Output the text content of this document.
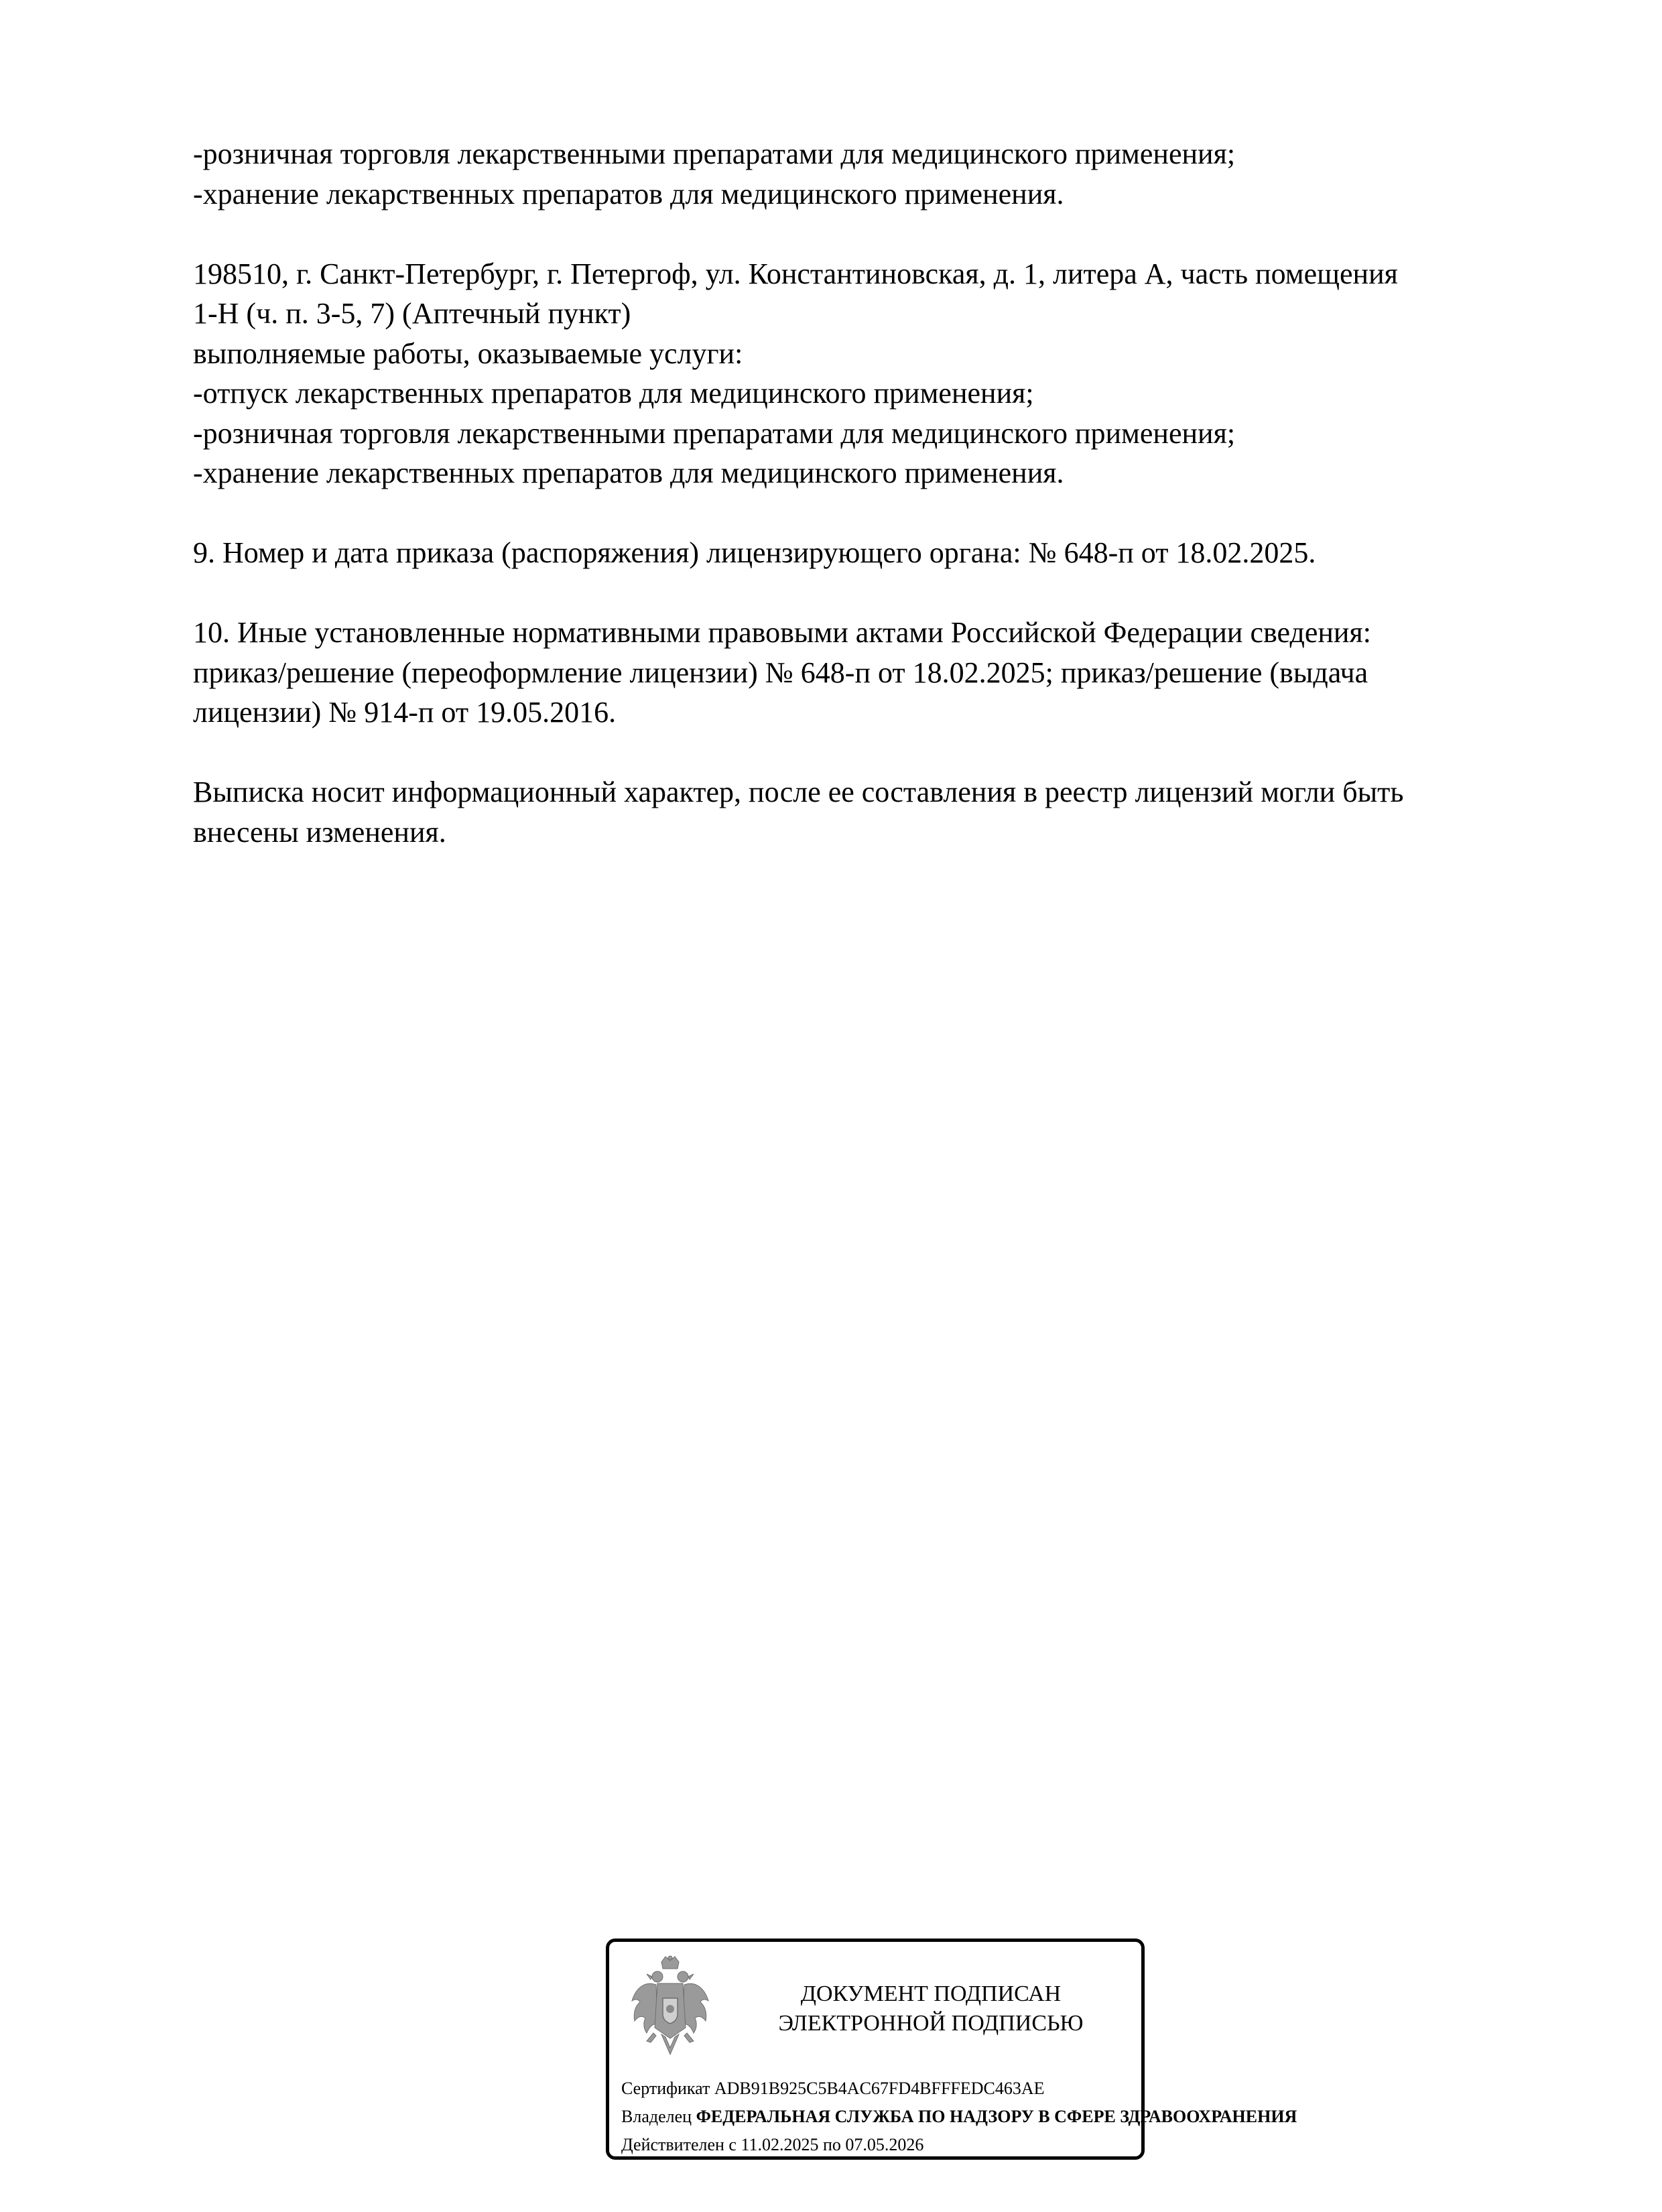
-розничная торговля лекарственными препаратами для медицинского применения;
-хранение лекарственных препаратов для медицинского применения.

198510, г. Санкт-Петербург, г. Петергоф, ул. Константиновская, д. 1, литера А, часть помещения
1-Н (ч. п. 3-5, 7) (Аптечный пункт)
выполняемые работы, оказываемые услуги:
-отпуск лекарственных препаратов для медицинского применения;
-розничная торговля лекарственными препаратами для медицинского применения;
-хранение лекарственных препаратов для медицинского применения.

9. Номер и дата приказа (распоряжения) лицензирующего органа: № 648-п от 18.02.2025.

10. Иные установленные нормативными правовыми актами Российской Федерации сведения:
приказ/решение (переоформление лицензии) № 648-п от 18.02.2025; приказ/решение (выдача
лицензии) № 914-п от 19.05.2016.

Выписка носит информационный характер, после ее составления в реестр лицензий могли быть
внесены изменения.

ДОКУМЕНТ ПОДПИСАН
ЭЛЕКТРОННОЙ ПОДПИСЬЮ
Сертификат ADB91B925C5B4AC67FD4BFFFEDC463AE
Владелец ФЕДЕРАЛЬНАЯ СЛУЖБА ПО НАДЗОРУ В СФЕРЕ ЗДРАВООХРАНЕНИЯ
Действителен с 11.02.2025 по 07.05.2026
